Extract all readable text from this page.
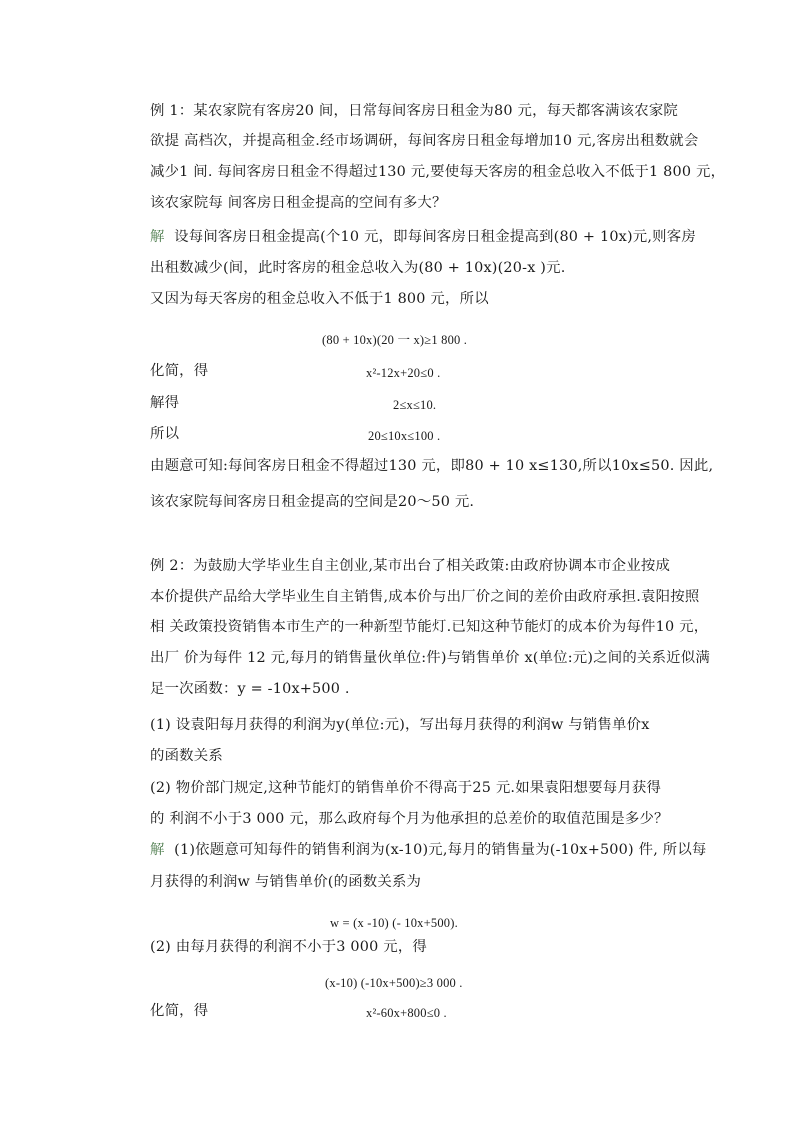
例 1：某农家院有客房20 间，日常每间客房日租金为80 元，每天都客满该农家院

欲提 高档次，并提高租金.经市场调研，每间客房日租金每增加10 元,客房出租数就会

减少1 间. 每间客房日租金不得超过130 元,要使每天客房的租金总收入不低于1 800 元，

该农家院每 间客房日租金提高的空间有多大？

解 设每间客房日租金提高(个10 元，即每间客房日租金提高到(80 + 10x)元,则客房

出租数减少(间，此时客房的租金总收入为(80 + 10x)(20-x )元.

又因为每天客房的租金总收入不低于1 800 元，所以

(80 + 10x)(20 一 x)≥1 800 .

化简，得	x²-12x+20≤0 .

解得	2≤x≤10.

所以	20≤10x≤100 .

由题意可知:每间客房日租金不得超过130 元，即80 + 10 x≤130,所以10x≤50. 因此,

该农家院每间客房日租金提高的空间是20〜50 元.

例 2：为鼓励大学毕业生自主创业,某市出台了相关政策:由政府协调本市企业按成

本价提供产品给大学毕业生自主销售,成本价与出厂价之间的差价由政府承担.袁阳按照

相 关政策投资销售本市生产的一种新型节能灯.已知这种节能灯的成本价为每件10 元，

出厂 价为每件 12 元,每月的销售量伙单位:件)与销售单价 x(单位:元)之间的关系近似满

足一次函数：y = -10x+500 .

(1) 设袁阳每月获得的利润为y(单位:元)，写出每月获得的利润w 与销售单价x

的函数关系

(2) 物价部门规定,这种节能灯的销售单价不得高于25 元.如果袁阳想要每月获得

的 利润不小于3 000 元，那么政府每个月为他承担的总差价的取值范围是多少？

解 (1)依题意可知每件的销售利润为(x-10)元,每月的销售量为(-10x+500) 件, 所以每

月获得的利润w 与销售单价(的函数关系为

w = (x -10) (- 10x+500).

(2) 由每月获得的利润不小于3 000 元，得

(x-10) (-10x+500)≥3 000 .

化简，得	x²-60x+800≤0 .
